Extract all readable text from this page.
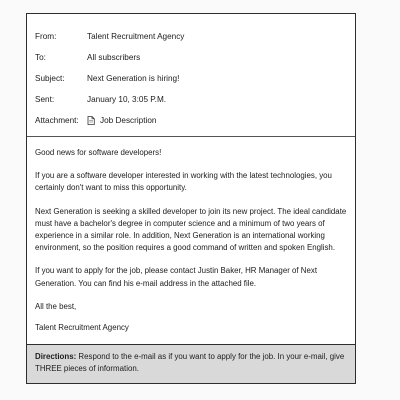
From:	Talent Recruitment Agency
To:	All subscribers
Subject:	Next Generation is hiring!
Sent:	January 10, 3:05 P.M.
Attachment:	Job Description

Good news for software developers!

If you are a software developer interested in working with the latest technologies, you certainly don't want to miss this opportunity.

Next Generation is seeking a skilled developer to join its new project. The ideal candidate must have a bachelor's degree in computer science and a minimum of two years of experience in a similar role. In addition, Next Generation is an international working environment, so the position requires a good command of written and spoken English.

If you want to apply for the job, please contact Justin Baker, HR Manager of Next Generation. You can find his e-mail address in the attached file.

All the best,

Talent Recruitment Agency

Directions: Respond to the e-mail as if you want to apply for the job. In your e-mail, give THREE pieces of information.
